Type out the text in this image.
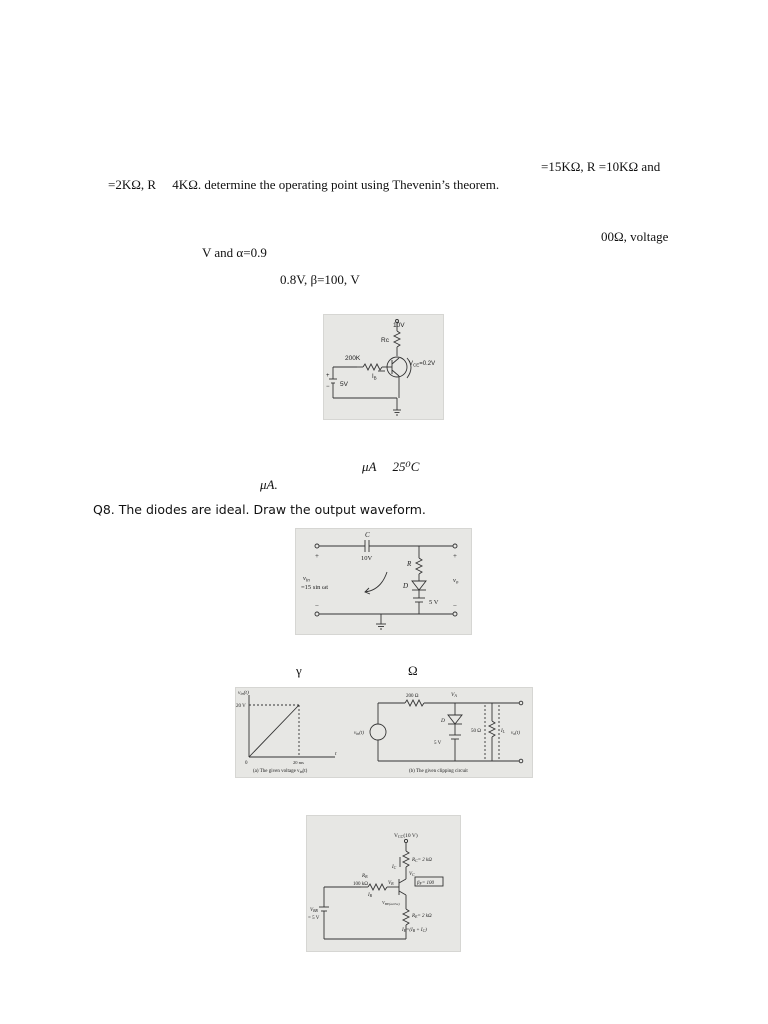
=15KΩ, R =10KΩ and
=2KΩ, R     4KΩ. determine the operating point using Thevenin’s theorem.
00Ω, voltage
V and α=0.9
0.8V, β=100, V
μA     25⁰C
μA.
Q8. The diodes are ideal. Draw the output waveform.
γ	Ω
10V
Rc
200K
$I_B$
$V_{CE}=0.2V$
5V
+
−
C
10V
R
D
5 V
$v_{in}$
=15 sin ωt
$v_o$
+
−
+
−
vin(t)
20 V
0	20 ms
t
(a) The given voltage $v_{in}(t)$
200 Ω	VA
D
5 V
50 Ω	$I_L$
$v_{in}(t)$	$v_o(t)$
(b) The given clipping circuit
VCC(10 V)
$R_C= 2$ kΩ
$I_C$
$V_C$
$R_B$
100 kΩ	$V_B$
$I_B$
$V_{BE(active)}$
$\beta_F= 100$
$R_E= 2$ kΩ
$I_E=(I_B + I_C)$
$V_{BB}$
= 5 V
